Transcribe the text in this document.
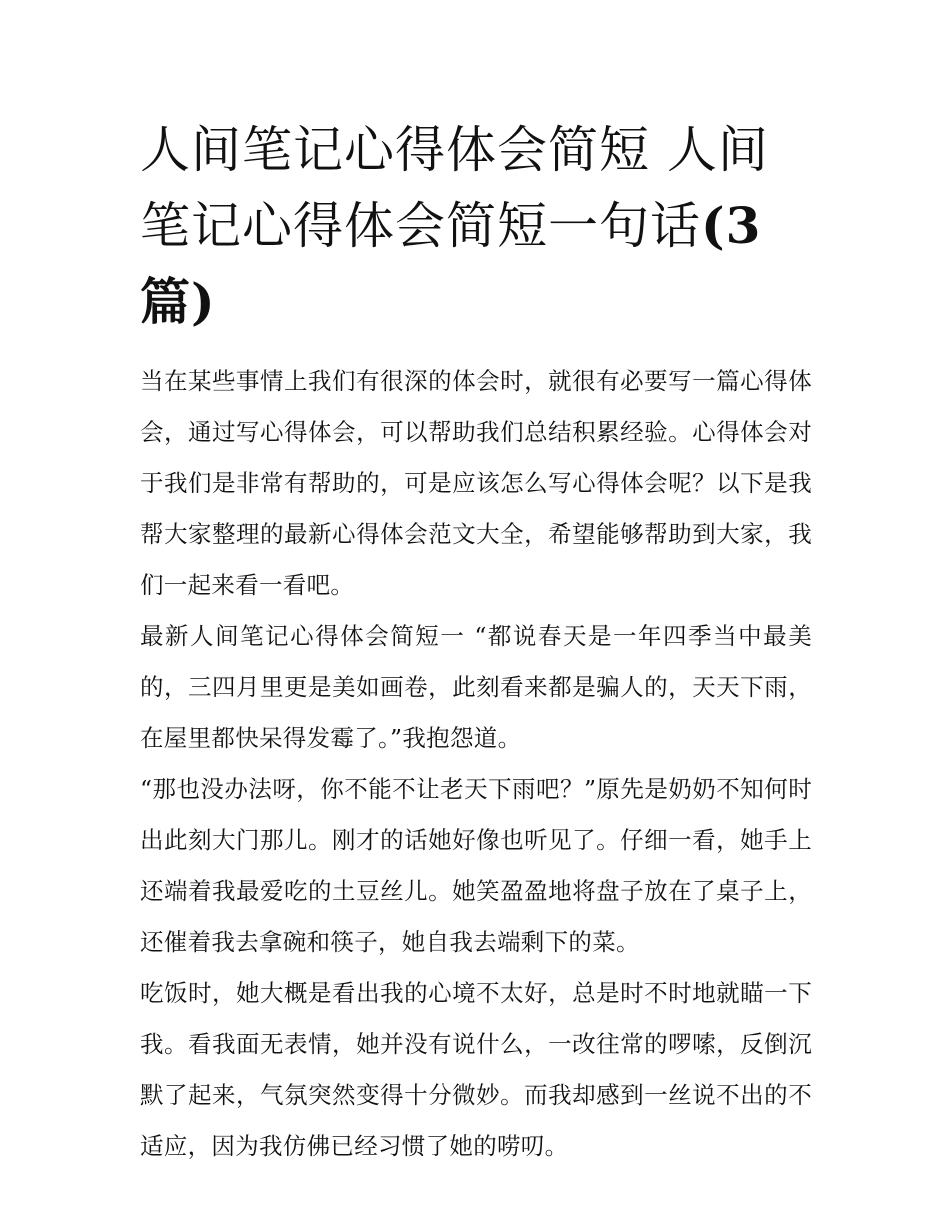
人间笔记心得体会简短 人间笔记心得体会简短一句话(3 篇)

当在某些事情上我们有很深的体会时，就很有必要写一篇心得体会，通过写心得体会，可以帮助我们总结积累经验。心得体会对于我们是非常有帮助的，可是应该怎么写心得体会呢？以下是我帮大家整理的最新心得体会范文大全，希望能够帮助到大家，我们一起来看一看吧。

最新人间笔记心得体会简短一 “都说春天是一年四季当中最美的，三四月里更是美如画卷，此刻看来都是骗人的，天天下雨，在屋里都快呆得发霉了。”我抱怨道。

“那也没办法呀，你不能不让老天下雨吧？”原先是奶奶不知何时出此刻大门那儿。刚才的话她好像也听见了。仔细一看，她手上还端着我最爱吃的土豆丝儿。她笑盈盈地将盘子放在了桌子上，还催着我去拿碗和筷子，她自我去端剩下的菜。

吃饭时，她大概是看出我的心境不太好，总是时不时地就瞄一下我。看我面无表情，她并没有说什么，一改往常的啰嗦，反倒沉默了起来，气氛突然变得十分微妙。而我却感到一丝说不出的不适应，因为我仿佛已经习惯了她的唠叨。
